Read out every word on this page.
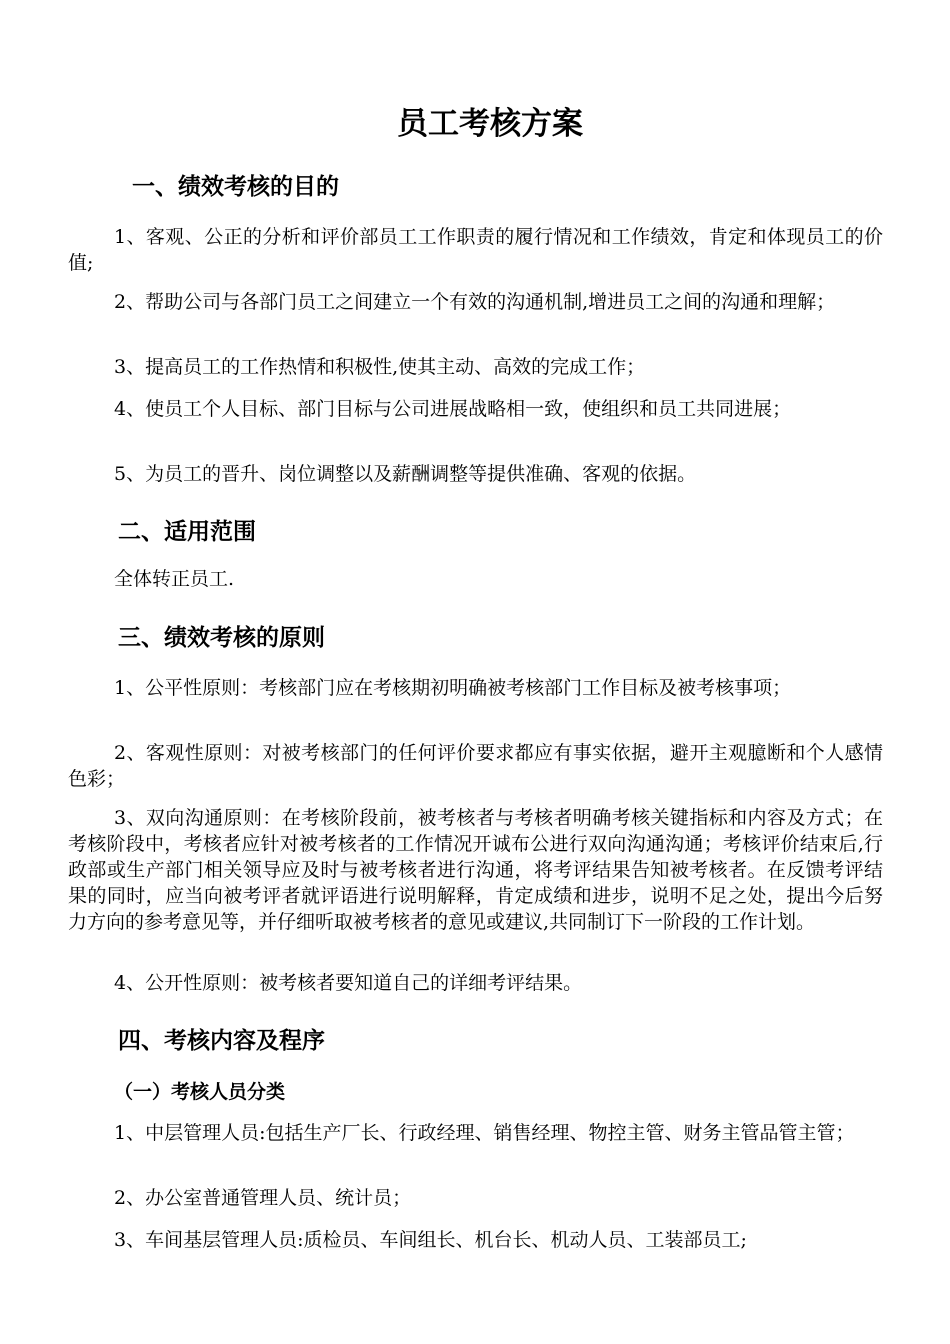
员工考核方案
一、绩效考核的目的
1、客观、公正的分析和评价部员工工作职责的履行情况和工作绩效，肯定和体现员工的价值;
2、帮助公司与各部门员工之间建立一个有效的沟通机制,增进员工之间的沟通和理解；
3、提高员工的工作热情和积极性,使其主动、高效的完成工作；
4、使员工个人目标、部门目标与公司进展战略相一致，使组织和员工共同进展；
5、为员工的晋升、岗位调整以及薪酬调整等提供准确、客观的依据。
二、适用范围
全体转正员工.
三、绩效考核的原则
1、公平性原则：考核部门应在考核期初明确被考核部门工作目标及被考核事项；
2、客观性原则：对被考核部门的任何评价要求都应有事实依据，避开主观臆断和个人感情色彩；
3、双向沟通原则：在考核阶段前，被考核者与考核者明确考核关键指标和内容及方式；在考核阶段中，考核者应针对被考核者的工作情况开诚布公进行双向沟通沟通；考核评价结束后,行政部或生产部门相关领导应及时与被考核者进行沟通，将考评结果告知被考核者。在反馈考评结果的同时，应当向被考评者就评语进行说明解释，肯定成绩和进步，说明不足之处，提出今后努力方向的参考意见等，并仔细听取被考核者的意见或建议,共同制订下一阶段的工作计划。
4、公开性原则：被考核者要知道自己的详细考评结果。
四、考核内容及程序
（一）考核人员分类
1、中层管理人员:包括生产厂长、行政经理、销售经理、物控主管、财务主管品管主管；
2、办公室普通管理人员、统计员；
3、车间基层管理人员:质检员、车间组长、机台长、机动人员、工装部员工;
